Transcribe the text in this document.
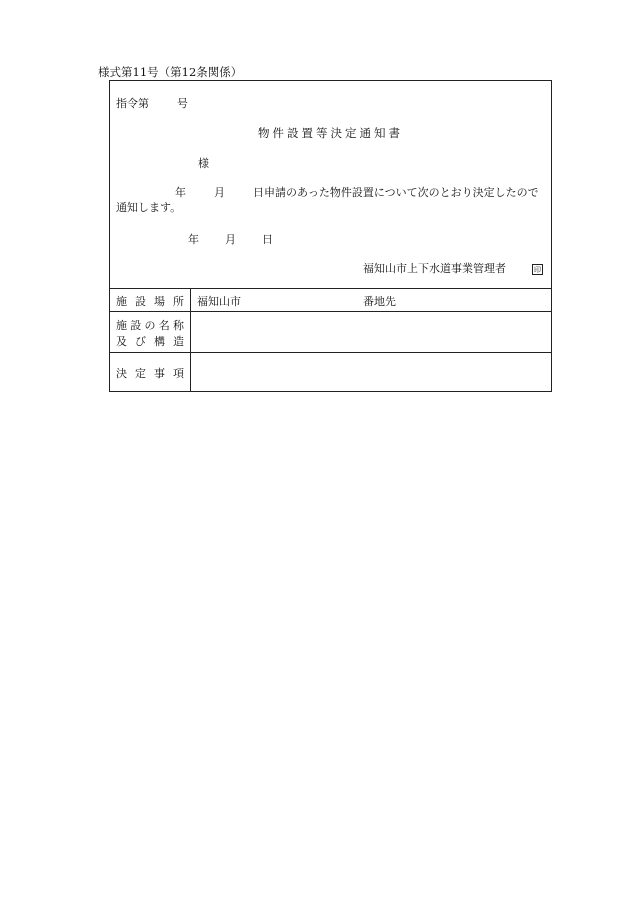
様式第11号（第12条関係）
指令第	号
物件設置等決定通知書
様
年	月	日申請のあった物件設置について次のとおり決定したので
通知します。
年 月 日
福知山市上下水道事業管理者	印
施 設 場 所 福知山市	番地先
施 設 の 名 称
及 び 構 造
決 定 事 項
